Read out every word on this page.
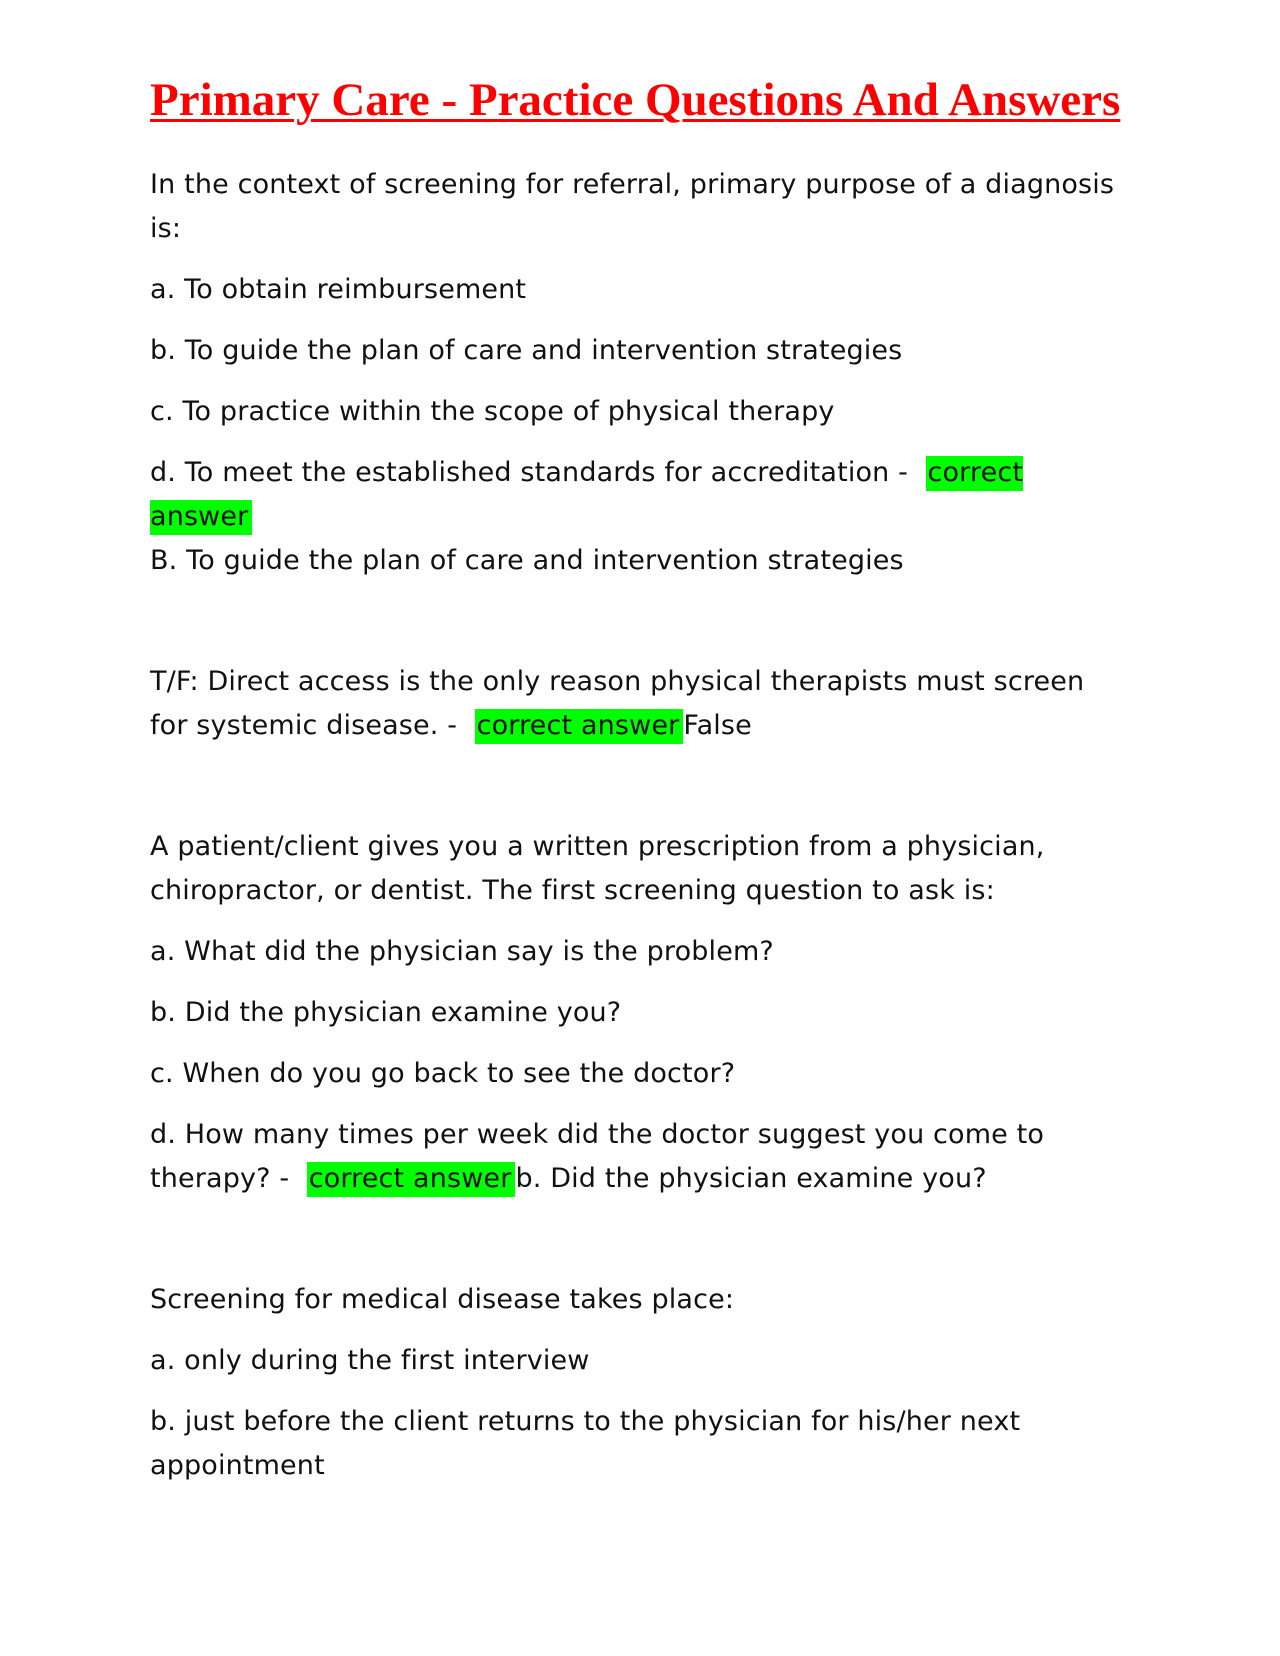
Primary Care - Practice Questions And Answers

In the context of screening for referral, primary purpose of a diagnosis is:

a. To obtain reimbursement

b. To guide the plan of care and intervention strategies

c. To practice within the scope of physical therapy

d. To meet the established standards for accreditation - correct answer
B. To guide the plan of care and intervention strategies

T/F: Direct access is the only reason physical therapists must screen for systemic disease. - correct answer False

A patient/client gives you a written prescription from a physician, chiropractor, or dentist. The first screening question to ask is:

a. What did the physician say is the problem?

b. Did the physician examine you?

c. When do you go back to see the doctor?

d. How many times per week did the doctor suggest you come to therapy? - correct answer b. Did the physician examine you?

Screening for medical disease takes place:

a. only during the first interview

b. just before the client returns to the physician for his/her next appointment
